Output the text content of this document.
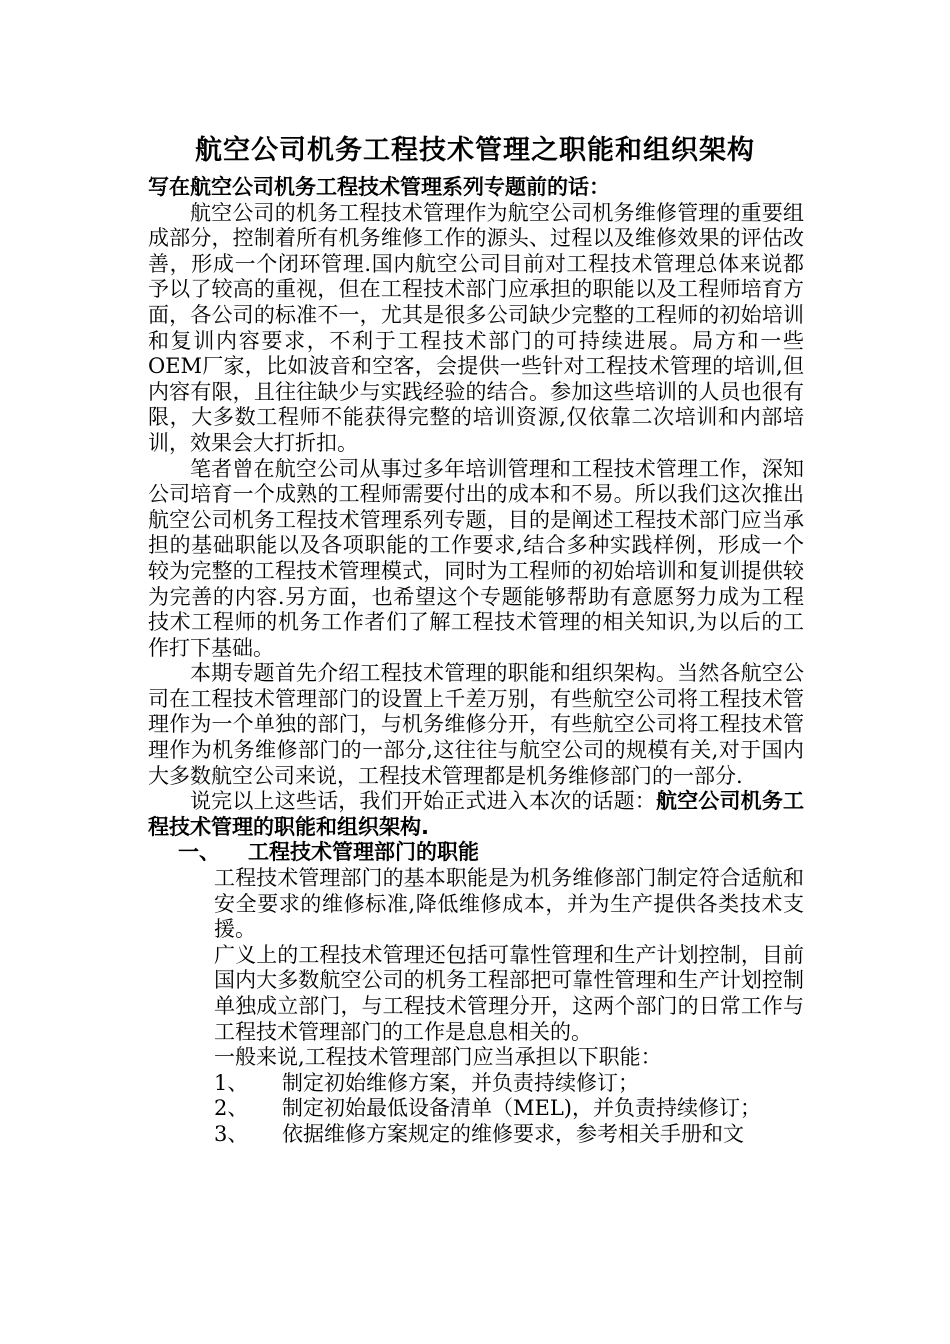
航空公司机务工程技术管理之职能和组织架构

写在航空公司机务工程技术管理系列专题前的话：

航空公司的机务工程技术管理作为航空公司机务维修管理的重要组成部分，控制着所有机务维修工作的源头、过程以及维修效果的评估改善，形成一个闭环管理.国内航空公司目前对工程技术管理总体来说都予以了较高的重视，但在工程技术部门应承担的职能以及工程师培育方面，各公司的标准不一，尤其是很多公司缺少完整的工程师的初始培训和复训内容要求，不利于工程技术部门的可持续进展。局方和一些OEM厂家，比如波音和空客，会提供一些针对工程技术管理的培训,但内容有限，且往往缺少与实践经验的结合。参加这些培训的人员也很有限，大多数工程师不能获得完整的培训资源,仅依靠二次培训和内部培训，效果会大打折扣。

笔者曾在航空公司从事过多年培训管理和工程技术管理工作，深知公司培育一个成熟的工程师需要付出的成本和不易。所以我们这次推出航空公司机务工程技术管理系列专题，目的是阐述工程技术部门应当承担的基础职能以及各项职能的工作要求,结合多种实践样例，形成一个较为完整的工程技术管理模式，同时为工程师的初始培训和复训提供较为完善的内容.另方面，也希望这个专题能够帮助有意愿努力成为工程技术工程师的机务工作者们了解工程技术管理的相关知识,为以后的工作打下基础。

本期专题首先介绍工程技术管理的职能和组织架构。当然各航空公司在工程技术管理部门的设置上千差万别，有些航空公司将工程技术管理作为一个单独的部门，与机务维修分开，有些航空公司将工程技术管理作为机务维修部门的一部分,这往往与航空公司的规模有关,对于国内大多数航空公司来说，工程技术管理都是机务维修部门的一部分.

说完以上这些话，我们开始正式进入本次的话题：航空公司机务工程技术管理的职能和组织架构.

一、 工程技术管理部门的职能

工程技术管理部门的基本职能是为机务维修部门制定符合适航和安全要求的维修标准,降低维修成本，并为生产提供各类技术支援。

广义上的工程技术管理还包括可靠性管理和生产计划控制，目前国内大多数航空公司的机务工程部把可靠性管理和生产计划控制单独成立部门，与工程技术管理分开，这两个部门的日常工作与工程技术管理部门的工作是息息相关的。

一般来说,工程技术管理部门应当承担以下职能：

1、 制定初始维修方案，并负责持续修订；

2、 制定初始最低设备清单（MEL)，并负责持续修订；

3、 依据维修方案规定的维修要求，参考相关手册和文
